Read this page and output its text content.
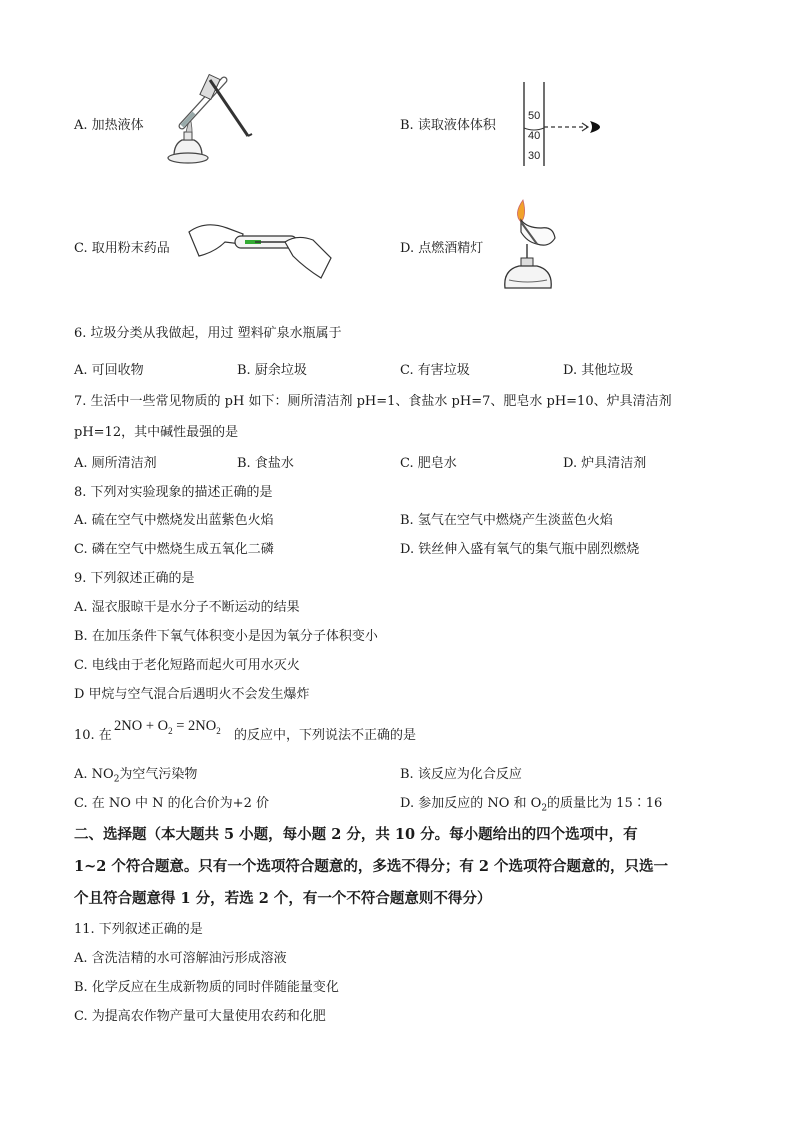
A. 加热液体	B. 读取液体体积
50
40
30
C. 取用粉末药品	D. 点燃酒精灯
6. 垃圾分类从我做起，用过 塑料矿泉水瓶属于
A. 可回收物	B. 厨余垃圾	C. 有害垃圾	D. 其他垃圾
7. 生活中一些常见物质的 pH 如下：厕所清洁剂 pH=1、食盐水 pH=7、肥皂水 pH=10、炉具清洁剂
pH=12，其中碱性最强的是
A. 厕所清洁剂	B. 食盐水	C. 肥皂水	D. 炉具清洁剂
8. 下列对实验现象的描述正确的是
A. 硫在空气中燃烧发出蓝紫色火焰	B. 氢气在空气中燃烧产生淡蓝色火焰
C. 磷在空气中燃烧生成五氧化二磷	D. 铁丝伸入盛有氧气的集气瓶中剧烈燃烧
9. 下列叙述正确的是
A. 湿衣服晾干是水分子不断运动的结果
B. 在加压条件下氧气体积变小是因为氧分子体积变小
C. 电线由于老化短路而起火可用水灭火
D 甲烷与空气混合后遇明火不会发生爆炸
10. 在
$2NO + O_2 = 2NO_2$ 的反应中，下列说法不正确的是
A. $NO_2$为空气污染物	B. 该反应为化合反应
C. 在 NO 中 N 的化合价为+2 价	D. 参加反应的 NO 和 $O_2$的质量比为 15∶16
二、选择题（本大题共 5 小题，每小题 2 分，共 10 分。每小题给出的四个选项中，有
1~2 个符合题意。只有一个选项符合题意的，多选不得分；有 2 个选项符合题意的，只选一
个且符合题意得 1 分，若选 2 个，有一个不符合题意则不得分）
11. 下列叙述正确的是
A. 含洗洁精的水可溶解油污形成溶液
B. 化学反应在生成新物质的同时伴随能量变化
C. 为提高农作物产量可大量使用农药和化肥
